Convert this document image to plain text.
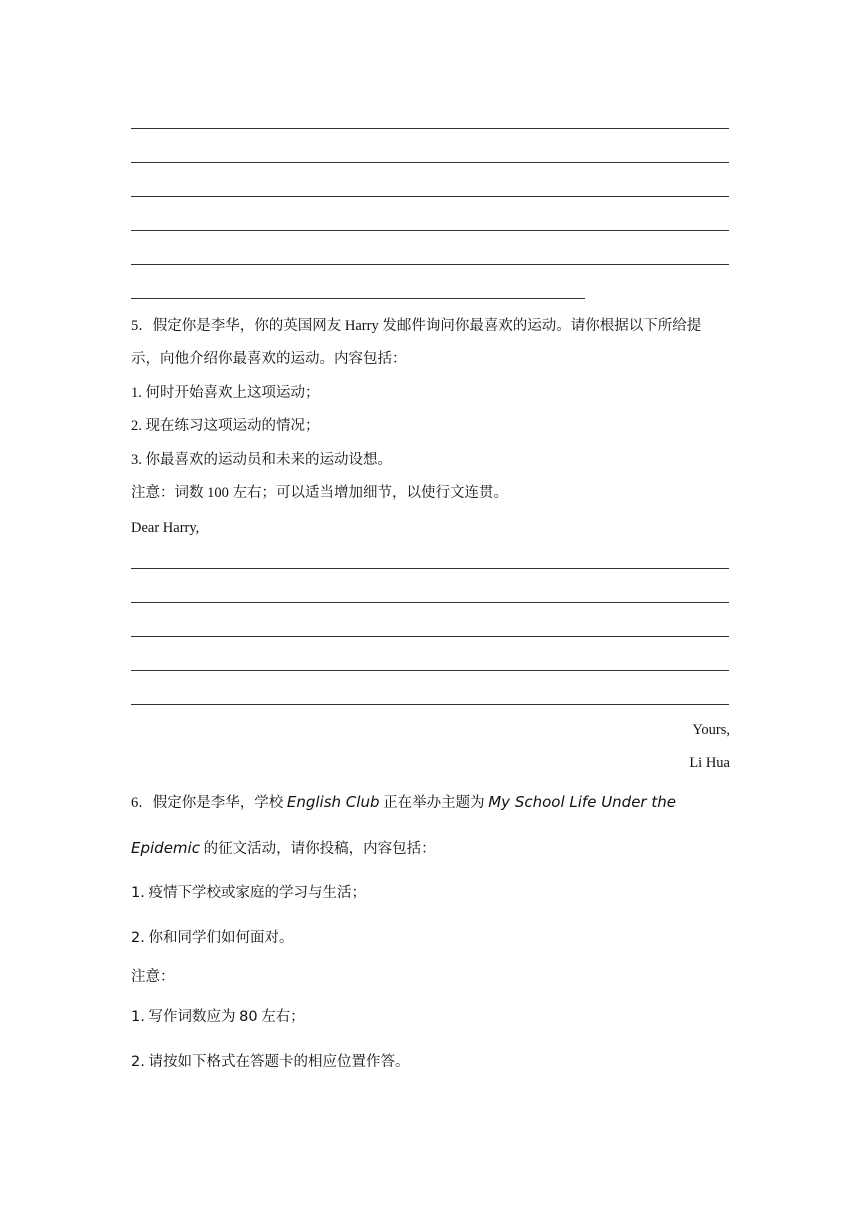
5．假定你是李华，你的英国网友 Harry 发邮件询问你最喜欢的运动。请你根据以下所给提
示，向他介绍你最喜欢的运动。内容包括：
1. 何时开始喜欢上这项运动；
2. 现在练习这项运动的情况；
3. 你最喜欢的运动员和未来的运动设想。
注意：词数 100 左右；可以适当增加细节，以使行文连贯。
Dear Harry,
Yours,
Li Hua
6．假定你是李华，学校 English Club 正在举办主题为 My School Life Under the
Epidemic 的征文活动，请你投稿，内容包括：
1. 疫情下学校或家庭的学习与生活；
2. 你和同学们如何面对。
注意：
1. 写作词数应为 80 左右；
2. 请按如下格式在答题卡的相应位置作答。
